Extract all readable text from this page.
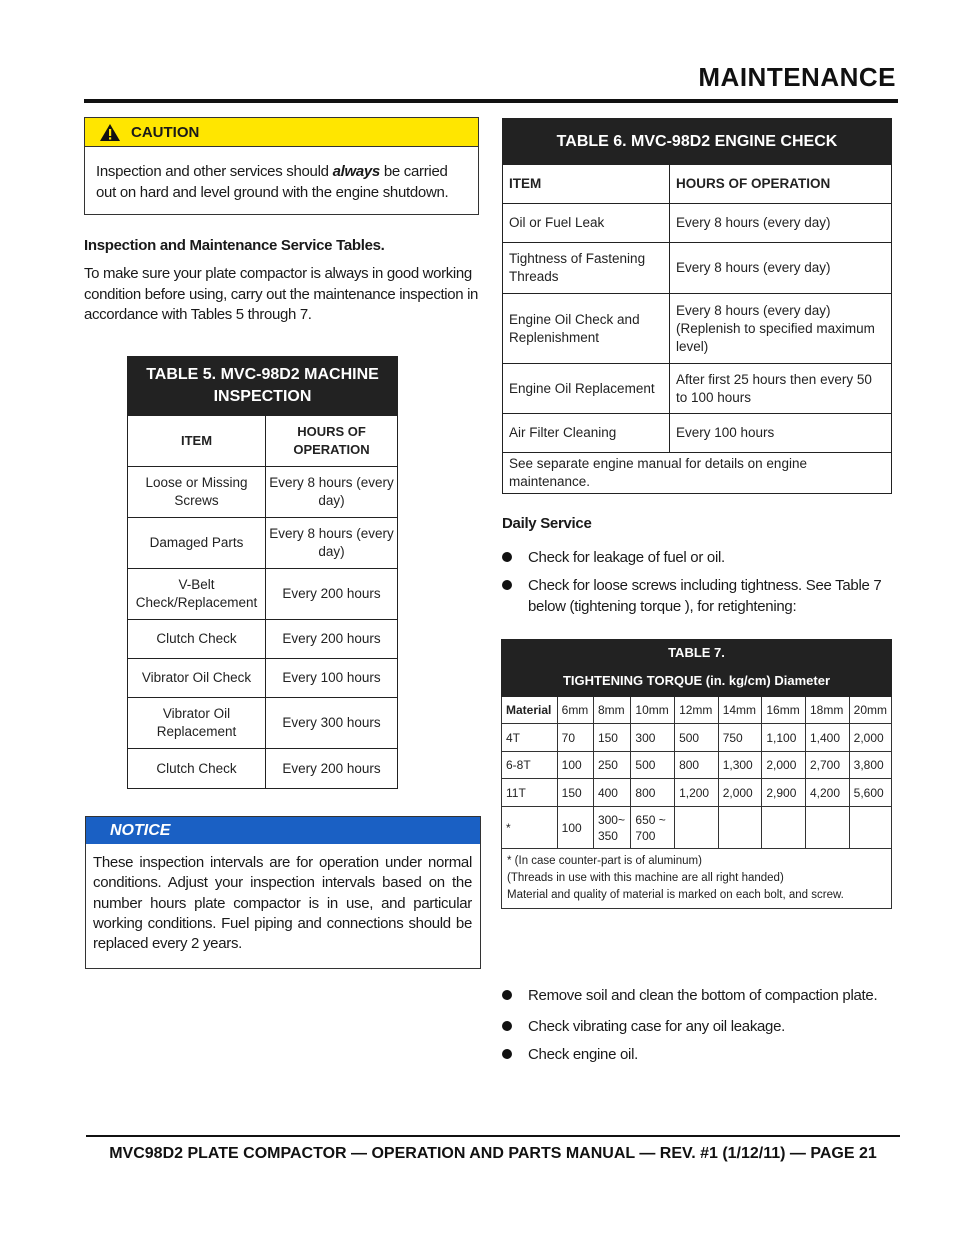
MAINTENANCE
CAUTION
Inspection and other services should always be carried out on hard and level ground with the engine shutdown.
Inspection and Maintenance Service Tables.
To make sure your plate compactor is always in good working condition before using, carry out the maintenance inspection in accordance with Tables 5 through 7.
TABLE 5. MVC-98D2 MACHINE INSPECTION	
ITEM	HOURS OF OPERATION
Loose or Missing Screws	Every 8 hours (every day)
Damaged Parts	Every 8 hours (every day)
V-Belt Check/Replacement	Every 200 hours
Clutch Check	Every 200 hours
Vibrator Oil Check	Every 100 hours
Vibrator Oil Replacement	Every 300 hours
Clutch Check	Every 200 hours
NOTICE
These inspection intervals are for operation under normal conditions. Adjust your inspection intervals based on the number hours plate compactor is in use, and particular working conditions. Fuel piping and connections should be replaced every 2 years.
TABLE 6. MVC-98D2 ENGINE CHECK	
ITEM	HOURS OF OPERATION
Oil or Fuel Leak	Every 8 hours (every day)
Tightness of Fastening Threads	Every 8 hours (every day)
Engine Oil Check and Replenishment	Every 8 hours (every day) (Replenish to specified maximum level)
Engine Oil Replacement	After first 25 hours then every 50 to 100 hours
Air Filter Cleaning	Every 100 hours
See separate engine manual for details on engine maintenance.	
Daily Service
Check for leakage of fuel or oil.
Check for loose screws including tightness. See Table 7 below (tightening torque ), for retightening:
TABLE 7.								
TIGHTENING TORQUE (in. kg/cm) Diameter								
Material	6mm	8mm	10mm	12mm	14mm	16mm	18mm	20mm
4T	70	150	300	500	750	1,100	1,400	2,000
6-8T	100	250	500	800	1,300	2,000	2,700	3,800
11T	150	400	800	1,200	2,000	2,900	4,200	5,600
*	100	300~ 350	650 ~ 700					

* (In case counter-part is of aluminum)
(Threads in use with this machine are all right handed)
Material and quality of material is marked on each bolt, and screw.								
Remove soil and clean the bottom of compaction plate.
Check vibrating case for any oil leakage.
Check engine oil.
MVC98D2 PLATE COMPACTOR — OPERATION AND PARTS MANUAL — REV. #1 (1/12/11) — PAGE 21
